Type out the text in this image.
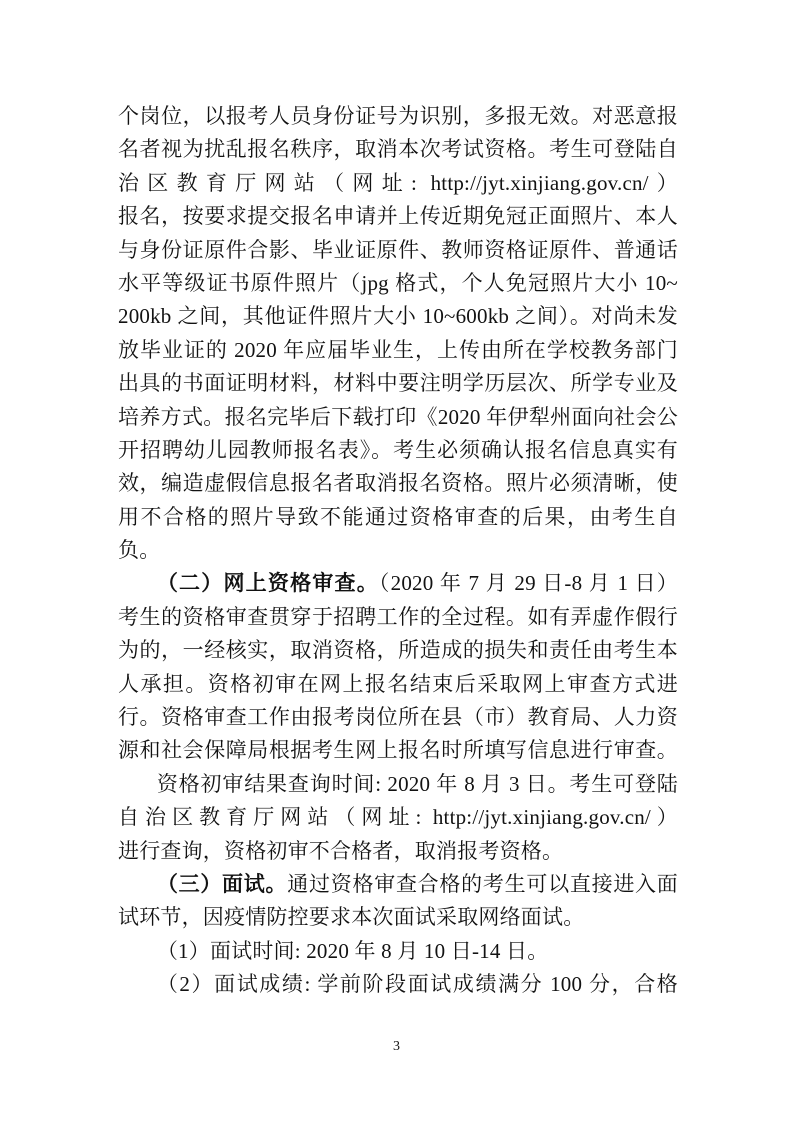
个岗位，以报考人员身份证号为识别，多报无效。对恶意报
名者视为扰乱报名秩序，取消本次考试资格。考生可登陆自
治区教育厅网站（网址: http://jyt.xinjiang.gov.cn/）
报名，按要求提交报名申请并上传近期免冠正面照片、本人
与身份证原件合影、毕业证原件、教师资格证原件、普通话
水平等级证书原件照片（jpg 格式，个人免冠照片大小 10~
200kb 之间，其他证件照片大小 10~600kb 之间）。对尚未发
放毕业证的 2020 年应届毕业生，上传由所在学校教务部门
出具的书面证明材料，材料中要注明学历层次、所学专业及
培养方式。报名完毕后下载打印《2020 年伊犁州面向社会公
开招聘幼儿园教师报名表》。考生必须确认报名信息真实有
效，编造虚假信息报名者取消报名资格。照片必须清晰，使
用不合格的照片导致不能通过资格审查的后果，由考生自
负。
（二）网上资格审查。（2020 年 7 月 29 日-8 月 1 日）
考生的资格审查贯穿于招聘工作的全过程。如有弄虚作假行
为的，一经核实，取消资格，所造成的损失和责任由考生本
人承担。资格初审在网上报名结束后采取网上审查方式进
行。资格审查工作由报考岗位所在县（市）教育局、人力资
源和社会保障局根据考生网上报名时所填写信息进行审查。
资格初审结果查询时间: 2020 年 8 月 3 日。考生可登陆
自治区教育厅网站（网址: http://jyt.xinjiang.gov.cn/）
进行查询，资格初审不合格者，取消报考资格。
（三）面试。通过资格审查合格的考生可以直接进入面
试环节，因疫情防控要求本次面试采取网络面试。
（1）面试时间: 2020 年 8 月 10 日-14 日。
（2）面试成绩: 学前阶段面试成绩满分 100 分，合格
3
